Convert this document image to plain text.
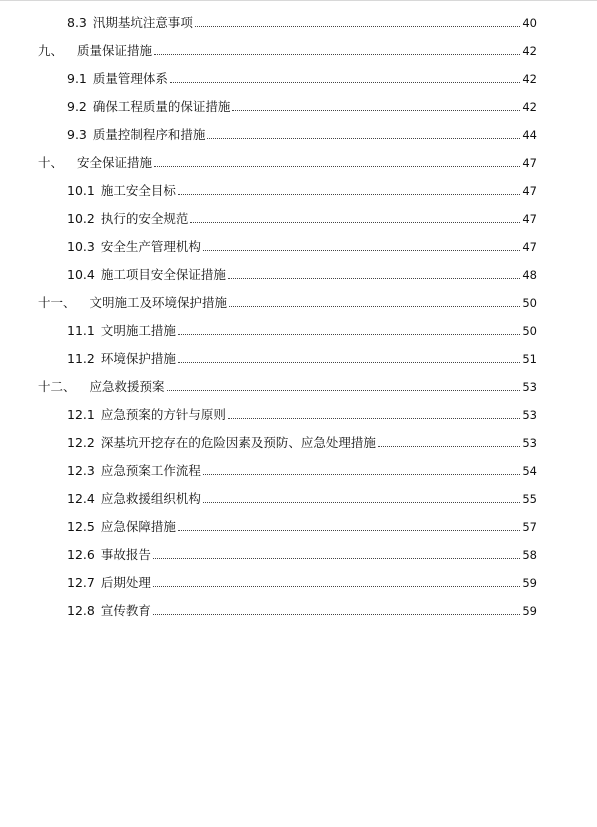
8.3 汛期基坑注意事项	40
九、 质量保证措施	42
9.1 质量管理体系	42
9.2 确保工程质量的保证措施	42
9.3 质量控制程序和措施	44
十、 安全保证措施	47
10.1 施工安全目标	47
10.2 执行的安全规范	47
10.3 安全生产管理机构	47
10.4 施工项目安全保证措施	48
十一、 文明施工及环境保护措施	50
11.1 文明施工措施	50
11.2 环境保护措施	51
十二、 应急救援预案	53
12.1 应急预案的方针与原则	53
12.2 深基坑开挖存在的危险因素及预防、应急处理措施	53
12.3 应急预案工作流程	54
12.4 应急救援组织机构	55
12.5 应急保障措施	57
12.6 事故报告	58
12.7 后期处理	59
12.8 宣传教育	59
